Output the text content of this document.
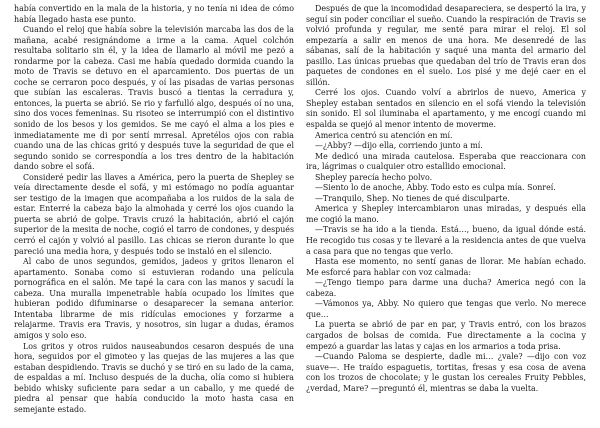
había convertido en la mala de la historia, y no tenía ni idea de cómo había llegado hasta ese punto.

Cuando el reloj que había sobre la televisión marcaba las dos de la mañana, acabé resignándome a irme a la cama. Aquel colchón resultaba solitario sin él, y la idea de llamarlo al móvil me pezó a rondarme por la cabeza. Casi me había quedado dormida cuando la moto de Travis se detuvo en el aparcamiento. Dos puertas de un coche se cerraron poco después, y oí las pisadas de varias personas que subían las escaleras. Travis buscó a tientas la cerradura y, entonces, la puerta se abrió. Se rio y farfulló algo, después oí no una, sino dos voces femeninas. Su risoteo se interrumpió con el distintivo sonido de los besos y los gemidos. Se me cayó el alma a los pies e inmediatamente me di por sentí mrresal. Apretélos ojos con rabia cuando una de las chicas gritó y después tuve la seguridad de que el segundo sonido se correspondía a los tres dentro de la habitación dando sobre el sofá.

Consideré pedir las llaves a América, pero la puerta de Shepley se veía directamente desde el sofá, y mi estómago no podía aguantar ser testigo de la imagen que acompañaba a los ruidos de la sala de estar. Enterré la cabeza bajo la almohada y cerré los ojos cuando la puerta se abrió de golpe. Travis cruzó la habitación, abrió el cajón superior de la mesita de noche, cogió el tarro de condones, y después cerró el cajón y volvió al pasillo. Las chicas se rieron durante lo que pareció una media hora, y después todo se instaló en el silencio.

Al cabo de unos segundos, gemidos, jadeos y gritos llenaron el apartamento. Sonaba como si estuvieran rodando una película pornográfica en el salón. Me tapé la cara con las manos y sacudí la cabeza. Una muralla impenetrable había ocupado los límites que hubieran podido difuminarse o desaparecer la semana anterior. Intentaba librarme de mis ridículas emociones y forzarme a relajarme. Travis era Travis, y nosotros, sin lugar a dudas, éramos amigos y solo eso.

Los gritos y otros ruidos nauseabundos cesaron después de una hora, seguidos por el gimoteo y las quejas de las mujeres a las que estaban despidiendo. Travis se duchó y se tiró en su lado de la cama, de espaldas a mí. Incluso después de la ducha, olía como si hubiera bebido whisky suficiente para sedar a un caballo, y me quedé de piedra al pensar que había conducido la moto hasta casa en semejante estado.

Después de que la incomodidad desapareciera, se despertó la ira, y seguí sin poder conciliar el sueño. Cuando la respiración de Travis se volvió profunda y regular, me senté para mirar el reloj. El sol empezaría a salir en menos de una hora. Me desenredé de las sábanas, salí de la habitación y saqué una manta del armario del pasillo. Las únicas pruebas que quedaban del trío de Travis eran dos paquetes de condones en el suelo. Los pisé y me dejé caer en el sillón.

Cerré los ojos. Cuando volví a abrirlos de nuevo, America y Shepley estaban sentados en silencio en el sofá viendo la televisión sin sonido. El sol iluminaba el apartamento, y me encogí cuando mi espalda se quejó al menor intento de moverme.

America centró su atención en mí.

—¿Abby? —dijo ella, corriendo junto a mí.

Me dedicó una mirada cautelosa. Esperaba que reaccionara con ira, lágrimas o cualquier otro estallido emocional.

Shepley parecía hecho polvo.

—Siento lo de anoche, Abby. Todo esto es culpa mía. Sonreí.

—Tranquilo, Shep. No tienes de qué disculparte.

America y Shepley intercambiaron unas miradas, y después ella me cogió la mano.

—Travis se ha ido a la tienda. Está…, bueno, da igual dónde está. He recogido tus cosas y te llevaré a la residencia antes de que vuelva a casa para que no tengas que verlo.

Hasta ese momento, no sentí ganas de llorar. Me habían echado. Me esforcé para hablar con voz calmada:

—¿Tengo tiempo para darme una ducha? America negó con la cabeza.

—Vámonos ya, Abby. No quiero que tengas que verlo. No merece que…

La puerta se abrió de par en par, y Travis entró, con los brazos cargados de bolsas de comida. Fue directamente a la cocina y empezó a guardar las latas y cajas en los armarios a toda prisa.

—Cuando Paloma se despierte, dadle mi… ¿vale? —dijo con voz suave—. He traído espaguetis, tortitas, fresas y esa cosa de avena con los trozos de chocolate; y le gustan los cereales Fruity Pebbles, ¿verdad, Mare? —preguntó él, mientras se daba la vuelta.
